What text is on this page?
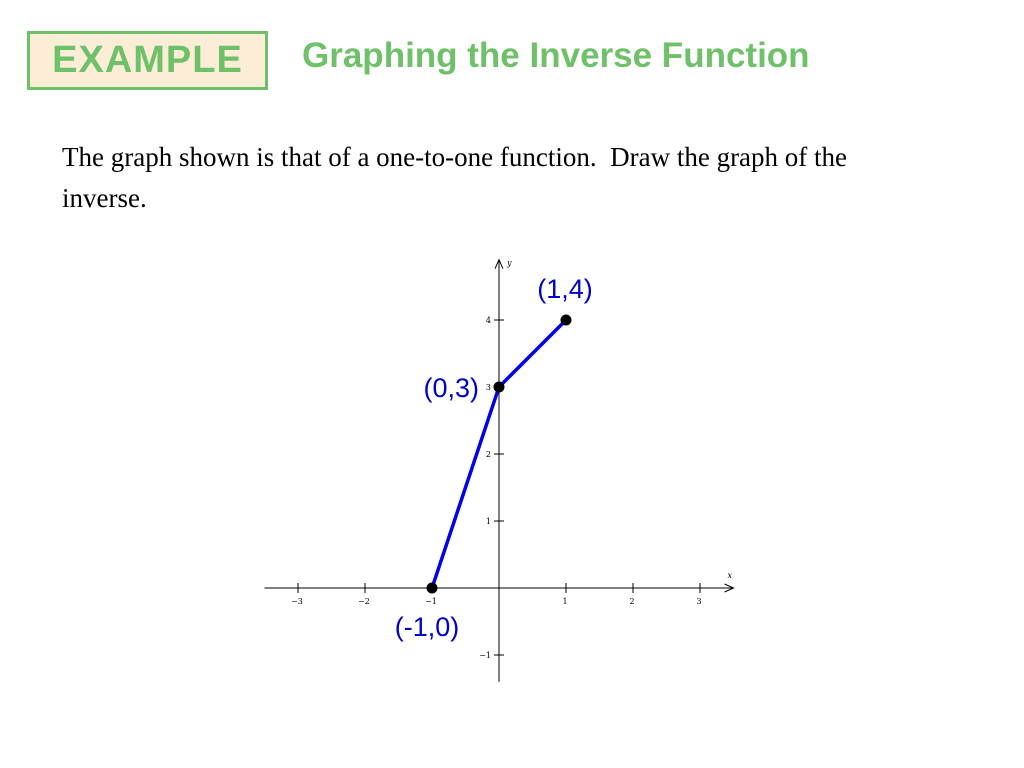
EXAMPLE Graphing the Inverse Function

The graph shown is that of a one-to-one function.  Draw the graph of the inverse.

x
y
−3	−2	−1	1	2	3
−1
1
2
3
4
(-1,0)
(0,3)
(1,4)
